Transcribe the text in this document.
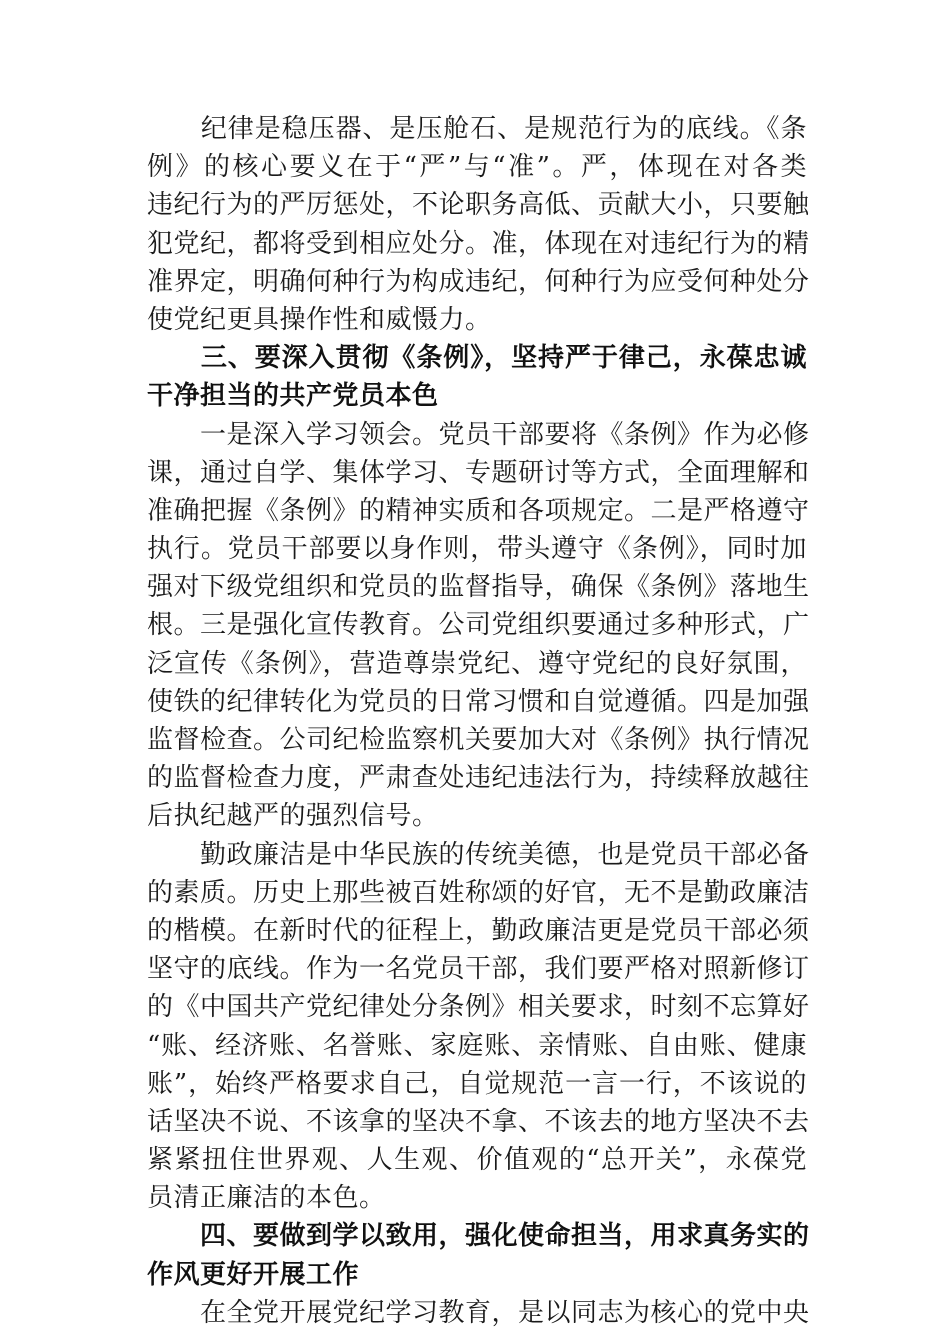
　　纪律是稳压器、是压舱石、是规范行为的底线。《条
例》的核心要义在于“严”与“准”。严，体现在对各类
违纪行为的严厉惩处，不论职务高低、贡献大小，只要触
犯党纪，都将受到相应处分。准，体现在对违纪行为的精
准界定，明确何种行为构成违纪，何种行为应受何种处分
使党纪更具操作性和威慑力。
　　三、要深入贯彻《条例》，坚持严于律己，永葆忠诚
干净担当的共产党员本色
　　一是深入学习领会。党员干部要将《条例》作为必修
课，通过自学、集体学习、专题研讨等方式，全面理解和
准确把握《条例》的精神实质和各项规定。二是严格遵守
执行。党员干部要以身作则，带头遵守《条例》，同时加
强对下级党组织和党员的监督指导，确保《条例》落地生
根。三是强化宣传教育。公司党组织要通过多种形式，广
泛宣传《条例》，营造尊崇党纪、遵守党纪的良好氛围，
使铁的纪律转化为党员的日常习惯和自觉遵循。四是加强
监督检查。公司纪检监察机关要加大对《条例》执行情况
的监督检查力度，严肃查处违纪违法行为，持续释放越往
后执纪越严的强烈信号。
　　勤政廉洁是中华民族的传统美德，也是党员干部必备
的素质。历史上那些被百姓称颂的好官，无不是勤政廉洁
的楷模。在新时代的征程上，勤政廉洁更是党员干部必须
坚守的底线。作为一名党员干部，我们要严格对照新修订
的《中国共产党纪律处分条例》相关要求，时刻不忘算好
“账、经济账、名誉账、家庭账、亲情账、自由账、健康
账”，始终严格要求自己，自觉规范一言一行，不该说的
话坚决不说、不该拿的坚决不拿、不该去的地方坚决不去
紧紧扭住世界观、人生观、价值观的“总开关”，永葆党
员清正廉洁的本色。
　　四、要做到学以致用，强化使命担当，用求真务实的
作风更好开展工作
　　在全党开展党纪学习教育，是以同志为核心的党中央
